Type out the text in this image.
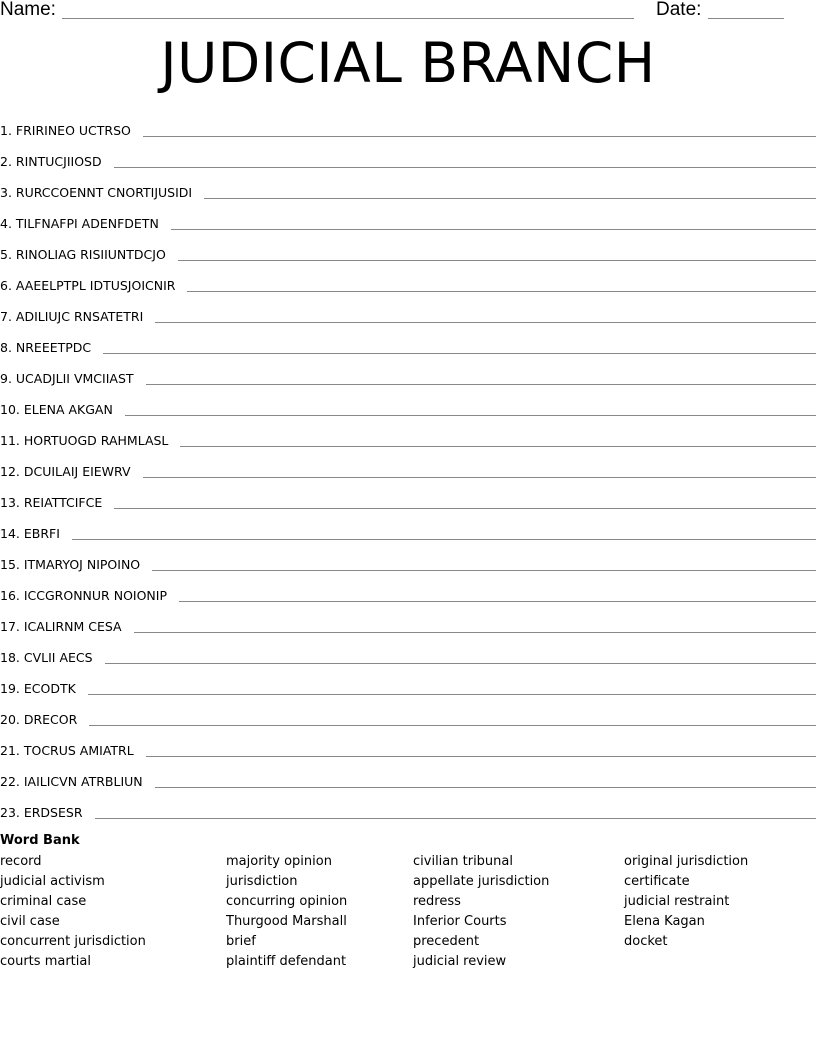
Name:	Date:
JUDICIAL BRANCH
1. FRIRINEO UCTRSO
2. RINTUCJIIOSD
3. RURCCOENNT CNORTIJUSIDI
4. TILFNAFPI ADENFDETN
5. RINOLIAG RISIIUNTDCJO
6. AAEELPTPL IDTUSJOICNIR
7. ADILIUJC RNSATETRI
8. NREEETPDC
9. UCADJLII VMCIIAST
10. ELENA AKGAN
11. HORTUOGD RAHMLASL
12. DCUILAIJ EIEWRV
13. REIATTCIFCE
14. EBRFI
15. ITMARYOJ NIPOINO
16. ICCGRONNUR NOIONIP
17. ICALIRNM CESA
18. CVLII AECS
19. ECODTK
20. DRECOR
21. TOCRUS AMIATRL
22. IAILICVN ATRBLIUN
23. ERDSESR
Word Bank
record
judicial activism
criminal case
civil case
concurrent jurisdiction
courts martial
majority opinion
jurisdiction
concurring opinion
Thurgood Marshall
brief
plaintiff defendant
civilian tribunal
appellate jurisdiction
redress
Inferior Courts
precedent
judicial review
original jurisdiction
certificate
judicial restraint
Elena Kagan
docket
